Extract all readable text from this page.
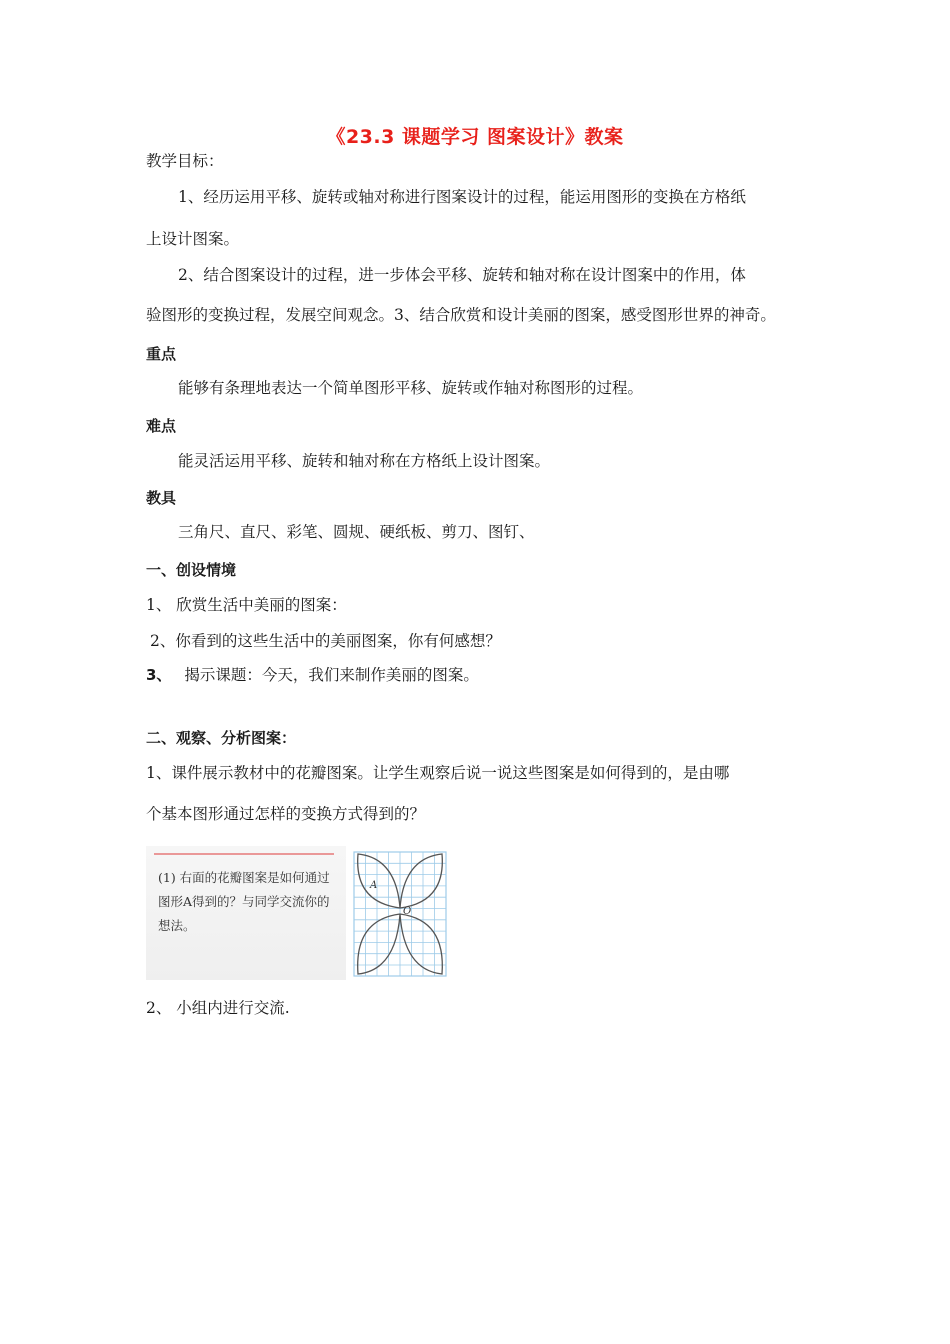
《23.3 课题学习 图案设计》教案
教学目标：
1、经历运用平移、旋转或轴对称进行图案设计的过程，能运用图形的变换在方格纸
上设计图案。
2、结合图案设计的过程，进一步体会平移、旋转和轴对称在设计图案中的作用，体
验图形的变换过程，发展空间观念。3、结合欣赏和设计美丽的图案，感受图形世界的神奇。
重点
能够有条理地表达一个简单图形平移、旋转或作轴对称图形的过程。
难点
能灵活运用平移、旋转和轴对称在方格纸上设计图案。
教具
三角尺、直尺、彩笔、圆规、硬纸板、剪刀、图钉、
一、创设情境
1、 欣赏生活中美丽的图案：
2、你看到的这些生活中的美丽图案，你有何感想？
3、 揭示课题：今天，我们来制作美丽的图案。
二、观察、分析图案：
1、课件展示教材中的花瓣图案。让学生观察后说一说这些图案是如何得到的，是由哪
个基本图形通过怎样的变换方式得到的？
(1) 右面的花瓣图案是如何通过图形A得到的？与同学交流你的想法。
A
O
2、 小组内进行交流.
